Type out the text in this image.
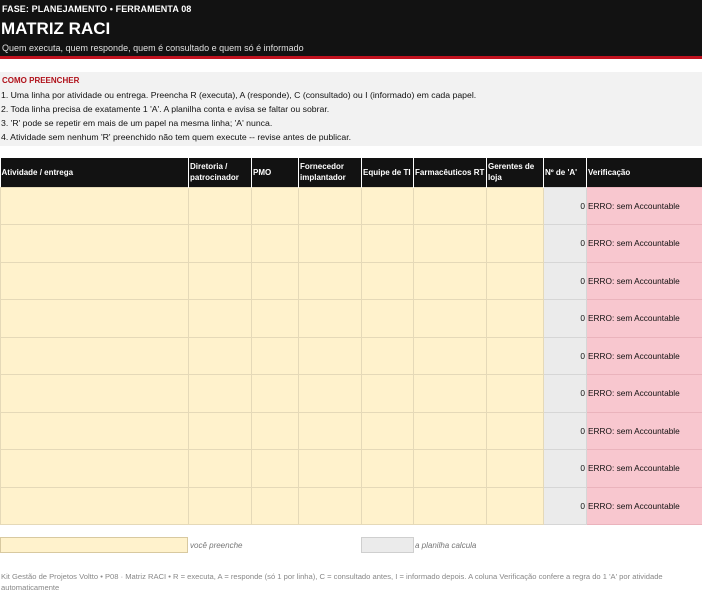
FASE: PLANEJAMENTO • FERRAMENTA 08
MATRIZ RACI
Quem executa, quem responde, quem é consultado e quem só é informado
COMO PREENCHER
1. Uma linha por atividade ou entrega. Preencha R (executa), A (responde), C (consultado) ou I (informado) em cada papel.
2. Toda linha precisa de exatamente 1 'A'. A planilha conta e avisa se faltar ou sobrar.
3. 'R' pode se repetir em mais de um papel na mesma linha; 'A' nunca.
4. Atividade sem nenhum 'R' preenchido não tem quem execute -- revise antes de publicar.
Atividade / entrega	Diretoria / patrocinador	PMO	Fornecedor implantador	Equipe de TI	Farmacêuticos RT	Gerentes de loja	Nº de 'A'	Verificação
							0	ERRO: sem Accountable
							0	ERRO: sem Accountable
							0	ERRO: sem Accountable
							0	ERRO: sem Accountable
							0	ERRO: sem Accountable
							0	ERRO: sem Accountable
							0	ERRO: sem Accountable
							0	ERRO: sem Accountable
							0	ERRO: sem Accountable
você preenche	a planilha calcula
Kit Gestão de Projetos Voltto • P08 · Matriz RACI • R = executa, A = responde (só 1 por linha), C = consultado antes, I = informado depois. A coluna Verificação confere a regra do 1 'A' por atividade automaticamente
